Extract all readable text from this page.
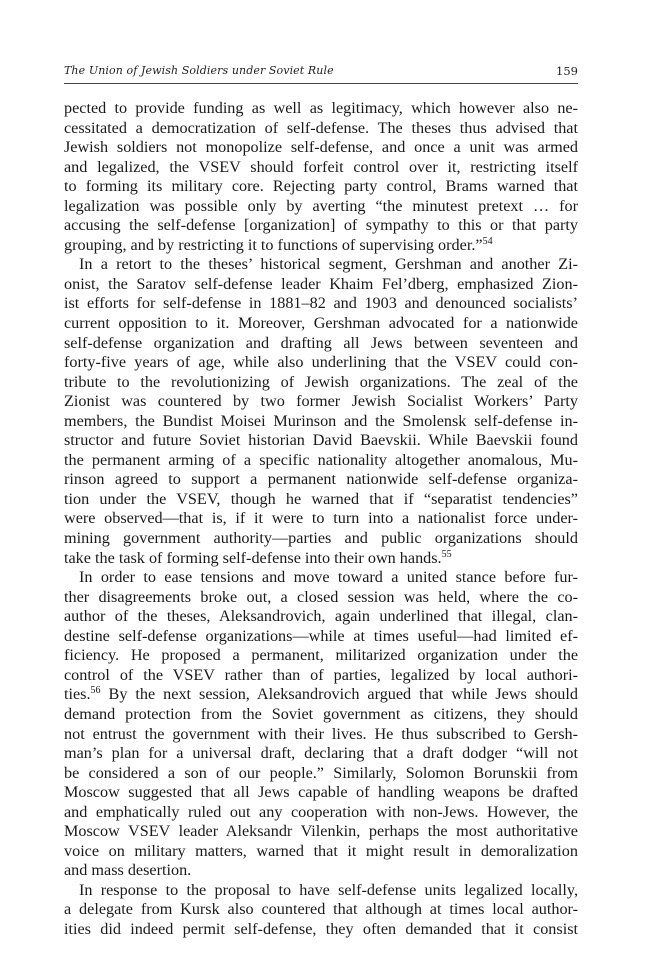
The Union of Jewish Soldiers under Soviet Rule	159
pected to provide funding as well as legitimacy, which however also ne-
cessitated a democratization of self-defense. The theses thus advised that
Jewish soldiers not monopolize self-defense, and once a unit was armed
and legalized, the VSEV should forfeit control over it, restricting itself
to forming its military core. Rejecting party control, Brams warned that
legalization was possible only by averting “the minutest pretext … for
accusing the self-defense [organization] of sympathy to this or that party
grouping, and by restricting it to functions of supervising order.”$^{54}$
In a retort to the theses’ historical segment, Gershman and another Zi-
onist, the Saratov self-defense leader Khaim Fel’dberg, emphasized Zion-
ist efforts for self-defense in 1881–82 and 1903 and denounced socialists’
current opposition to it. Moreover, Gershman advocated for a nationwide
self-defense organization and drafting all Jews between seventeen and
forty-five years of age, while also underlining that the VSEV could con-
tribute to the revolutionizing of Jewish organizations. The zeal of the
Zionist was countered by two former Jewish Socialist Workers’ Party
members, the Bundist Moisei Murinson and the Smolensk self-defense in-
structor and future Soviet historian David Baevskii. While Baevskii found
the permanent arming of a specific nationality altogether anomalous, Mu-
rinson agreed to support a permanent nationwide self-defense organiza-
tion under the VSEV, though he warned that if “separatist tendencies”
were observed—that is, if it were to turn into a nationalist force under-
mining government authority—parties and public organizations should
take the task of forming self-defense into their own hands.$^{55}$
In order to ease tensions and move toward a united stance before fur-
ther disagreements broke out, a closed session was held, where the co-
author of the theses, Aleksandrovich, again underlined that illegal, clan-
destine self-defense organizations—while at times useful—had limited ef-
ficiency. He proposed a permanent, militarized organization under the
control of the VSEV rather than of parties, legalized by local authori-
ties.$^{56}$ By the next session, Aleksandrovich argued that while Jews should
demand protection from the Soviet government as citizens, they should
not entrust the government with their lives. He thus subscribed to Gersh-
man’s plan for a universal draft, declaring that a draft dodger “will not
be considered a son of our people.” Similarly, Solomon Borunskii from
Moscow suggested that all Jews capable of handling weapons be drafted
and emphatically ruled out any cooperation with non-Jews. However, the
Moscow VSEV leader Aleksandr Vilenkin, perhaps the most authoritative
voice on military matters, warned that it might result in demoralization
and mass desertion.
In response to the proposal to have self-defense units legalized locally,
a delegate from Kursk also countered that although at times local author-
ities did indeed permit self-defense, they often demanded that it consist
